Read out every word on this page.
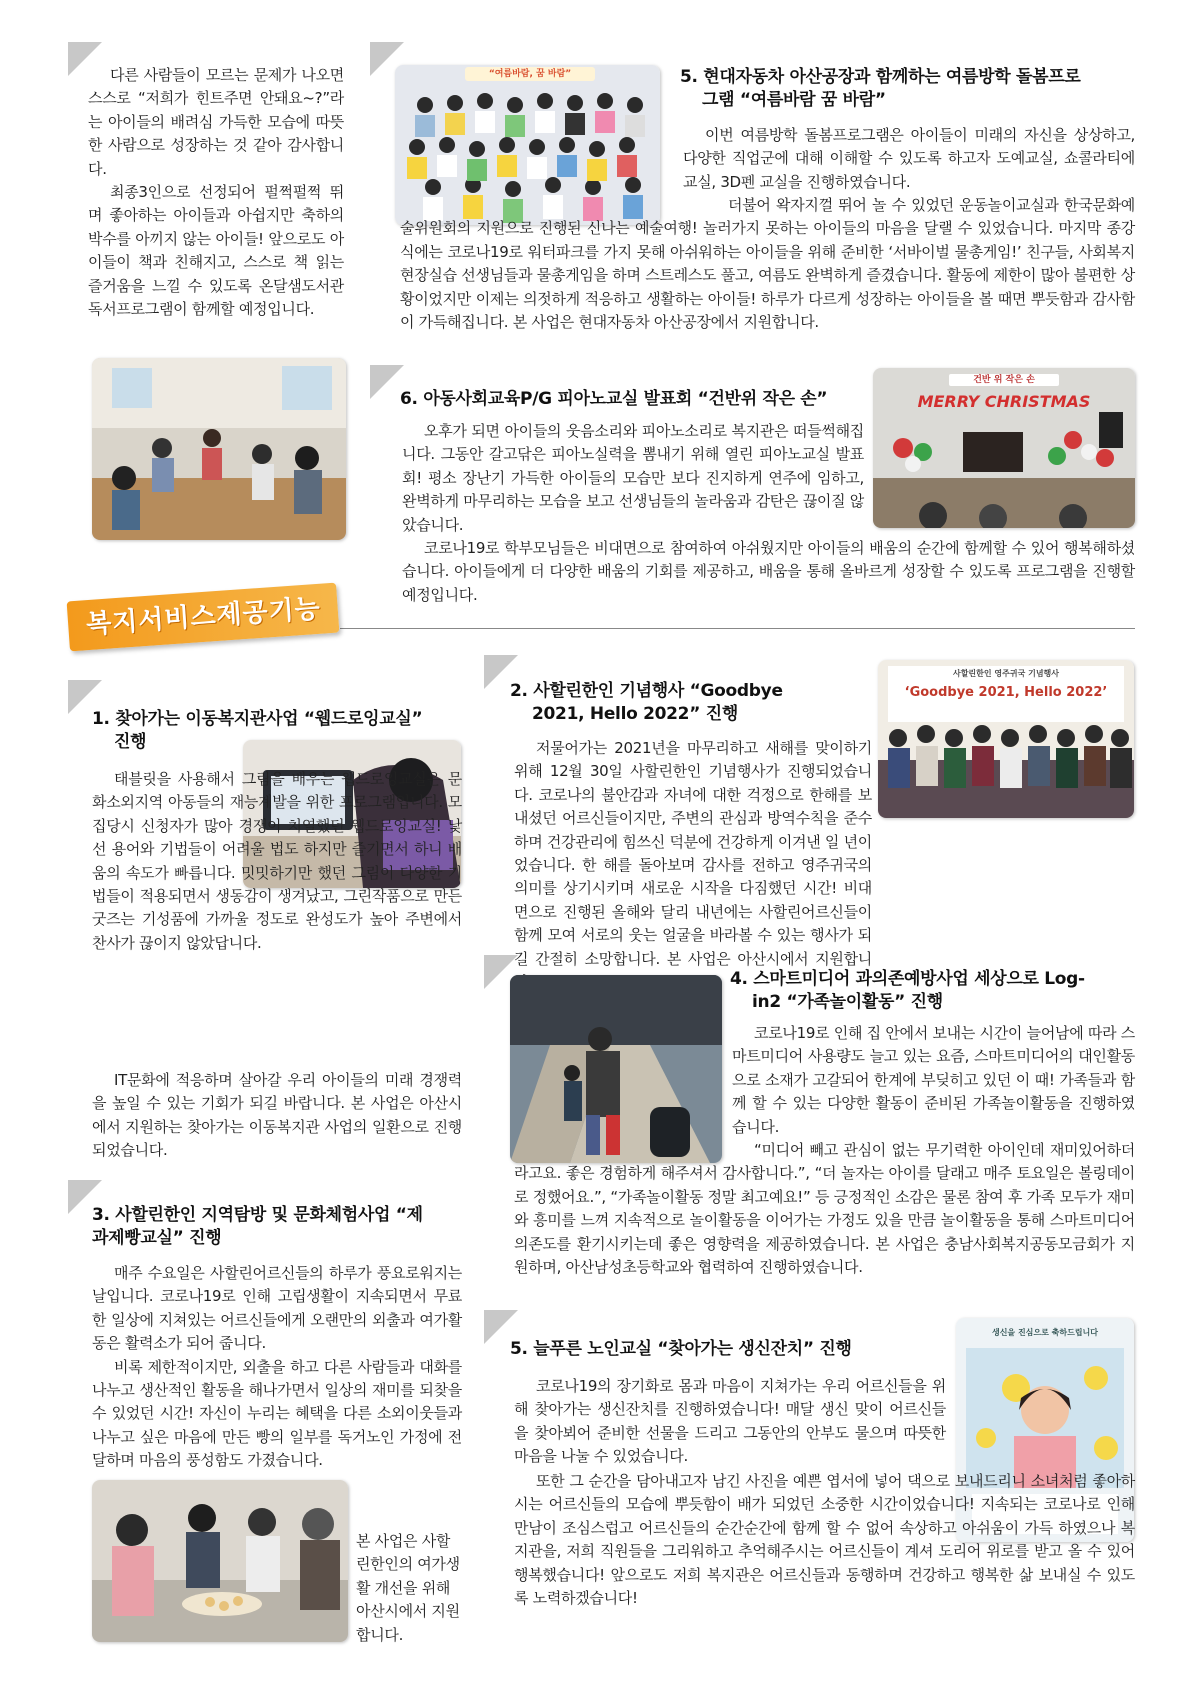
다른 사람들이 모르는 문제가 나오면 스스로 “저희가 힌트주면 안돼요~?”라는 아이들의 배려심 가득한 모습에 따뜻한 사람으로 성장하는 것 같아 감사합니다.

최종3인으로 선정되어 펄쩍펄쩍 뛰며 좋아하는 아이들과 아쉽지만 축하의 박수를 아끼지 않는 아이들! 앞으로도 아이들이 책과 친해지고, 스스로 책 읽는 즐거움을 느낄 수 있도록 온달샘도서관 독서프로그램이 함께할 예정입니다.

“여름바람, 꿈 바람”	5. 현대자동차 아산공장과 함께하는 여름방학 돌봄프로

그램 “여름바람 꿈 바람”

이번 여름방학 돌봄프로그램은 아이들이 미래의 자신을 상상하고, 다양한 직업군에 대해 이해할 수 있도록 하고자 도예교실, 쇼콜라티에 교실, 3D펜 교실을 진행하였습니다.

더불어 왁자지껄 뛰어 놀 수 있었던 운동놀이교실과 한국문화예술위원회의 지원으로 진행된 신나는 예술여행! 놀러가지 못하는 아이들의 마음을 달랠 수 있었습니다. 마지막 종강식에는 코로나19로 워터파크를 가지 못해 아쉬워하는 아이들을 위해 준비한 ‘서바이벌 물총게임!’ 친구들, 사회복지현장실습 선생님들과 물총게임을 하며 스트레스도 풀고, 여름도 완벽하게 즐겼습니다. 활동에 제한이 많아 불편한 상황이었지만 이제는 의젓하게 적응하고 생활하는 아이들! 하루가 다르게 성장하는 아이들을 볼 때면 뿌듯함과 감사함이 가득해집니다. 본 사업은 현대자동차 아산공장에서 지원합니다.

6. 아동사회교육P/G 피아노교실 발표회 “건반위 작은 손”

건반 위 작은 손
MERRY CHRISTMAS

오후가 되면 아이들의 웃음소리와 피아노소리로 복지관은 떠들썩해집니다. 그동안 갈고닦은 피아노실력을 뽐내기 위해 열린 피아노교실 발표회! 평소 장난기 가득한 아이들의 모습만 보다 진지하게 연주에 임하고, 완벽하게 마무리하는 모습을 보고 선생님들의 놀라움과 감탄은 끊이질 않았습니다.

코로나19로 학부모님들은 비대면으로 참여하여 아쉬웠지만 아이들의 배움의 순간에 함께할 수 있어 행복해하셨습니다. 아이들에게 더 다양한 배움의 기회를 제공하고, 배움을 통해 올바르게 성장할 수 있도록 프로그램을 진행할 예정입니다.

복지서비스제공기능

1. 찾아가는 이동복지관사업 “웹드로잉교실”

진행

태블릿을 사용해서 그림을 배우는 웹드로잉교실은 문화소외지역 아동들의 재능계발을 위한 프로그램입니다. 모집당시 신청자가 많아 경쟁이 치열했던 웹드로잉교실! 낯선 용어와 기법들이 어려울 법도 하지만 즐기면서 하니 배움의 속도가 빠릅니다. 밋밋하기만 했던 그림이 다양한 기법들이 적용되면서 생동감이 생겨났고, 그린작품으로 만든 굿즈는 기성품에 가까울 정도로 완성도가 높아 주변에서 찬사가 끊이지 않았답니다.

IT문화에 적응하며 살아갈 우리 아이들의 미래 경쟁력을 높일 수 있는 기회가 되길 바랍니다. 본 사업은 아산시에서 지원하는 찾아가는 이동복지관 사업의 일환으로 진행되었습니다.

3. 사할린한인 지역탐방 및 문화체험사업 “제

과제빵교실” 진행

매주 수요일은 사할린어르신들의 하루가 풍요로워지는 날입니다. 코로나19로 인해 고립생활이 지속되면서 무료한 일상에 지쳐있는 어르신들에게 오랜만의 외출과 여가활동은 활력소가 되어 줍니다.

비록 제한적이지만, 외출을 하고 다른 사람들과 대화를 나누고 생산적인 활동을 해나가면서 일상의 재미를 되찾을 수 있었던 시간! 자신이 누리는 혜택을 다른 소외이웃들과 나누고 싶은 마음에 만든 빵의 일부를 독거노인 가정에 전달하며 마음의 풍성함도 가졌습니다.

본 사업은 사할린한인의 여가생활 개선을 위해 아산시에서 지원합니다.

2. 사할린한인 기념행사 “Goodbye

2021, Hello 2022” 진행

사할린한인 영주귀국 기념행사
‘Goodbye 2021, Hello 2022’

저물어가는 2021년을 마무리하고 새해를 맞이하기 위해 12월 30일 사할린한인 기념행사가 진행되었습니다. 코로나의 불안감과 자녀에 대한 걱정으로 한해를 보내셨던 어르신들이지만, 주변의 관심과 방역수칙을 준수하며 건강관리에 힘쓰신 덕분에 건강하게 이겨낸 일 년이었습니다. 한 해를 돌아보며 감사를 전하고 영주귀국의 의미를 상기시키며 새로운 시작을 다짐했던 시간! 비대면으로 진행된 올해와 달리 내년에는 사할린어르신들이 함께 모여 서로의 웃는 얼굴을 바라볼 수 있는 행사가 되길 간절히 소망합니다. 본 사업은 아산시에서 지원합니

4. 스마트미디어 과의존예방사업 세상으로 Log-

in2 “가족놀이활동” 진행

코로나19로 인해 집 안에서 보내는 시간이 늘어남에 따라 스마트미디어 사용량도 늘고 있는 요즘, 스마트미디어의 대인활동으로 소재가 고갈되어 한계에 부딪히고 있던 이 때! 가족들과 함께 할 수 있는 다양한 활동이 준비된 가족놀이활동을 진행하였습니다.

“미디어 빼고 관심이 없는 무기력한 아이인데 재미있어하더라고요. 좋은 경험하게 해주셔서 감사합니다.”, “더 놀자는 아이를 달래고 매주 토요일은 볼링데이로 정했어요.”, “가족놀이활동 정말 최고예요!” 등 긍정적인 소감은 물론 참여 후 가족 모두가 재미와 흥미를 느껴 지속적으로 놀이활동을 이어가는 가정도 있을 만큼 놀이활동을 통해 스마트미디어 의존도를 환기시키는데 좋은 영향력을 제공하였습니다. 본 사업은 충남사회복지공동모금회가 지원하며, 아산남성초등학교와 협력하여 진행하였습니다.

5. 늘푸른 노인교실 “찾아가는 생신잔치” 진행

생신을 진심으로 축하드립니다

코로나19의 장기화로 몸과 마음이 지쳐가는 우리 어르신들을 위해 찾아가는 생신잔치를 진행하였습니다! 매달 생신 맞이 어르신들을 찾아뵈어 준비한 선물을 드리고 그동안의 안부도 물으며 따뜻한 마음을 나눌 수 있었습니다.

또한 그 순간을 담아내고자 남긴 사진을 예쁜 엽서에 넣어 댁으로 보내드리니 소녀처럼 좋아하시는 어르신들의 모습에 뿌듯함이 배가 되었던 소중한 시간이었습니다! 지속되는 코로나로 인해 만남이 조심스럽고 어르신들의 순간순간에 함께 할 수 없어 속상하고 아쉬움이 가득 하였으나 복지관을, 저희 직원들을 그리워하고 추억해주시는 어르신들이 계셔 도리어 위로를 받고 올 수 있어 행복했습니다! 앞으로도 저희 복지관은 어르신들과 동행하며 건강하고 행복한 삶 보내실 수 있도록 노력하겠습니다!
